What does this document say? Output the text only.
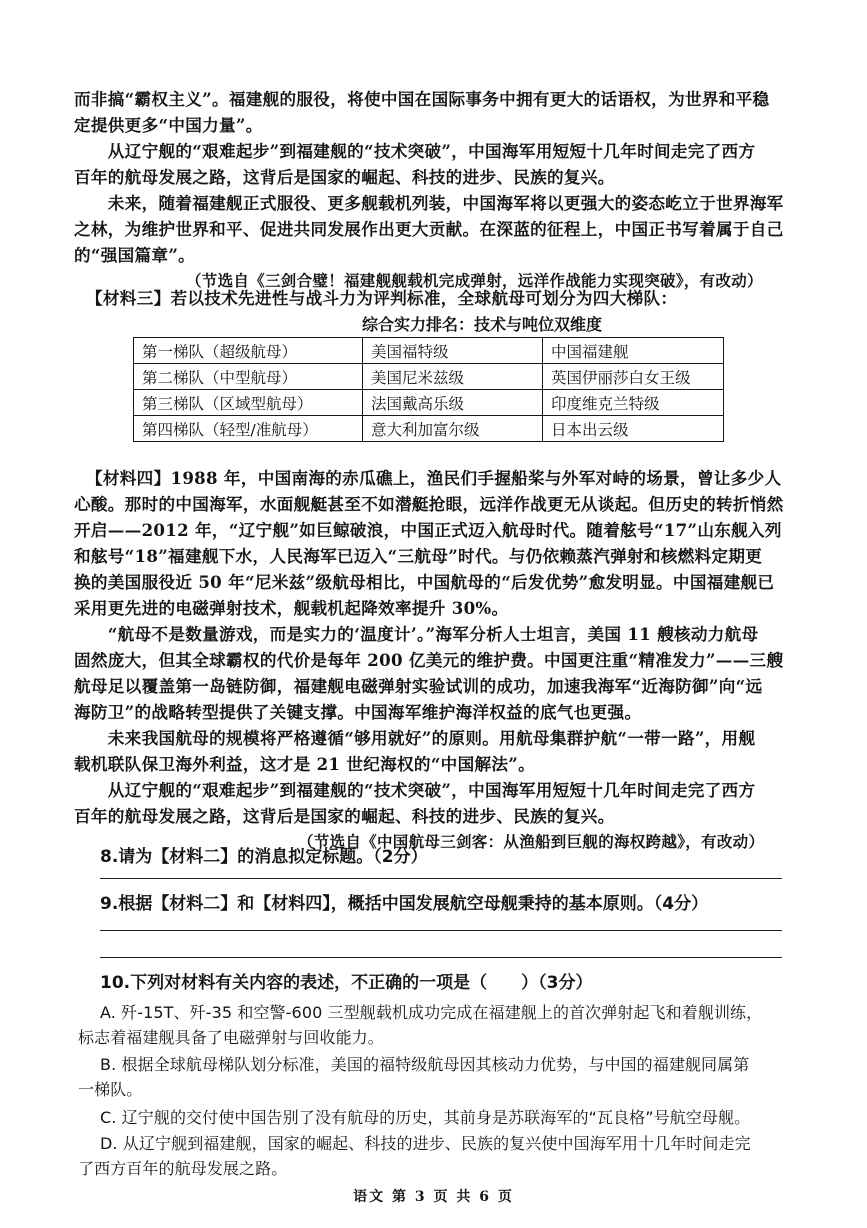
而非搞“霸权主义”。福建舰的服役，将使中国在国际事务中拥有更大的话语权，为世界和平稳
定提供更多“中国力量”。
　　从辽宁舰的“艰难起步”到福建舰的“技术突破”，中国海军用短短十几年时间走完了西方
百年的航母发展之路，这背后是国家的崛起、科技的进步、民族的复兴。
　　未来，随着福建舰正式服役、更多舰载机列装，中国海军将以更强大的姿态屹立于世界海军
之林，为维护世界和平、促进共同发展作出更大贡献。在深蓝的征程上，中国正书写着属于自己
的“强国篇章”。
（节选自《三剑合璧！福建舰舰载机完成弹射，远洋作战能力实现突破》，有改动）
【材料三】若以技术先进性与战斗力为评判标准，全球航母可划分为四大梯队：
综合实力排名：技术与吨位双维度
第一梯队（超级航母）	美国福特级	中国福建舰
第二梯队（中型航母）	美国尼米兹级	英国伊丽莎白女王级
第三梯队（区域型航母）	法国戴高乐级	印度维克兰特级
第四梯队（轻型/准航母）	意大利加富尔级	日本出云级
【材料四】1988 年，中国南海的赤瓜礁上，渔民们手握船桨与外军对峙的场景，曾让多少人
心酸。那时的中国海军，水面舰艇甚至不如潜艇抢眼，远洋作战更无从谈起。但历史的转折悄然
开启——2012 年，“辽宁舰”如巨鲸破浪，中国正式迈入航母时代。随着舷号“17”山东舰入列
和舷号“18”福建舰下水，人民海军已迈入“三航母”时代。与仍依赖蒸汽弹射和核燃料定期更
换的美国服役近 50 年“尼米兹”级航母相比，中国航母的“后发优势”愈发明显。中国福建舰已
采用更先进的电磁弹射技术，舰载机起降效率提升 30%。
　　“航母不是数量游戏，而是实力的‘温度计’。”海军分析人士坦言，美国 11 艘核动力航母
固然庞大，但其全球霸权的代价是每年 200 亿美元的维护费。中国更注重“精准发力”——三艘
航母足以覆盖第一岛链防御，福建舰电磁弹射实验试训的成功，加速我海军“近海防御”向“远
海防卫”的战略转型提供了关键支撑。中国海军维护海洋权益的底气也更强。
　　未来我国航母的规模将严格遵循“够用就好”的原则。用航母集群护航“一带一路”，用舰
载机联队保卫海外利益，这才是 21 世纪海权的“中国解法”。
　　从辽宁舰的“艰难起步”到福建舰的“技术突破”，中国海军用短短十几年时间走完了西方
百年的航母发展之路，这背后是国家的崛起、科技的进步、民族的复兴。
（节选自《中国航母三剑客：从渔船到巨舰的海权跨越》，有改动）
8.请为【材料二】的消息拟定标题。（2分）
9.根据【材料二】和【材料四】，概括中国发展航空母舰秉持的基本原则。（4分）
10.下列对材料有关内容的表述，不正确的一项是（　　）（3分）
A. 歼-15T、歼-35 和空警-600 三型舰载机成功完成在福建舰上的首次弹射起飞和着舰训练，
标志着福建舰具备了电磁弹射与回收能力。
B. 根据全球航母梯队划分标准，美国的福特级航母因其核动力优势，与中国的福建舰同属第
一梯队。
C. 辽宁舰的交付使中国告别了没有航母的历史，其前身是苏联海军的“瓦良格”号航空母舰。
D. 从辽宁舰到福建舰，国家的崛起、科技的进步、民族的复兴使中国海军用十几年时间走完
了西方百年的航母发展之路。
语文 第 3 页 共 6 页
